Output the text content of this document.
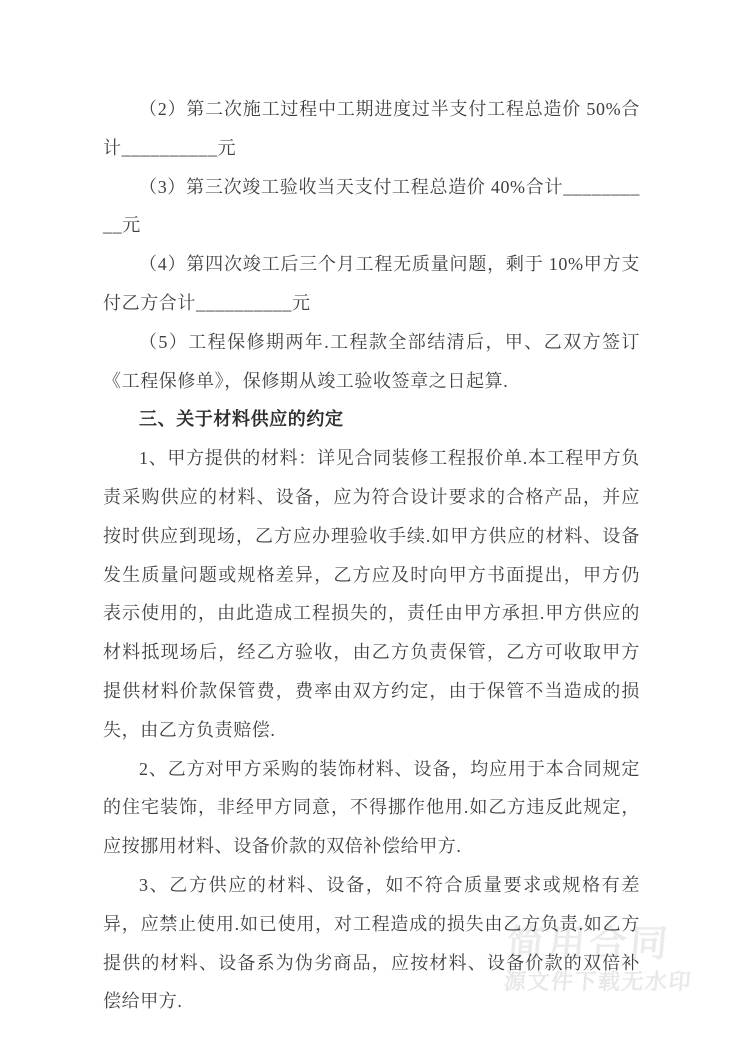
简用合同
源文件下载无水印

（2）第二次施工过程中工期进度过半支付工程总造价 50%合计__________元

（3）第三次竣工验收当天支付工程总造价 40%合计__________元

（4）第四次竣工后三个月工程无质量问题，剩于 10%甲方支付乙方合计__________元

（5）工程保修期两年.工程款全部结清后，甲、乙双方签订《工程保修单》，保修期从竣工验收签章之日起算.

三、关于材料供应的约定

1、甲方提供的材料：详见合同装修工程报价单.本工程甲方负责采购供应的材料、设备，应为符合设计要求的合格产品，并应按时供应到现场，乙方应办理验收手续.如甲方供应的材料、设备发生质量问题或规格差异，乙方应及时向甲方书面提出，甲方仍表示使用的，由此造成工程损失的，责任由甲方承担.甲方供应的材料抵现场后，经乙方验收，由乙方负责保管，乙方可收取甲方提供材料价款保管费，费率由双方约定，由于保管不当造成的损失，由乙方负责赔偿.

2、乙方对甲方采购的装饰材料、设备，均应用于本合同规定的住宅装饰，非经甲方同意，不得挪作他用.如乙方违反此规定，应按挪用材料、设备价款的双倍补偿给甲方.

3、乙方供应的材料、设备，如不符合质量要求或规格有差异，应禁止使用.如已使用，对工程造成的损失由乙方负责.如乙方提供的材料、设备系为伪劣商品，应按材料、设备价款的双倍补偿给甲方.
